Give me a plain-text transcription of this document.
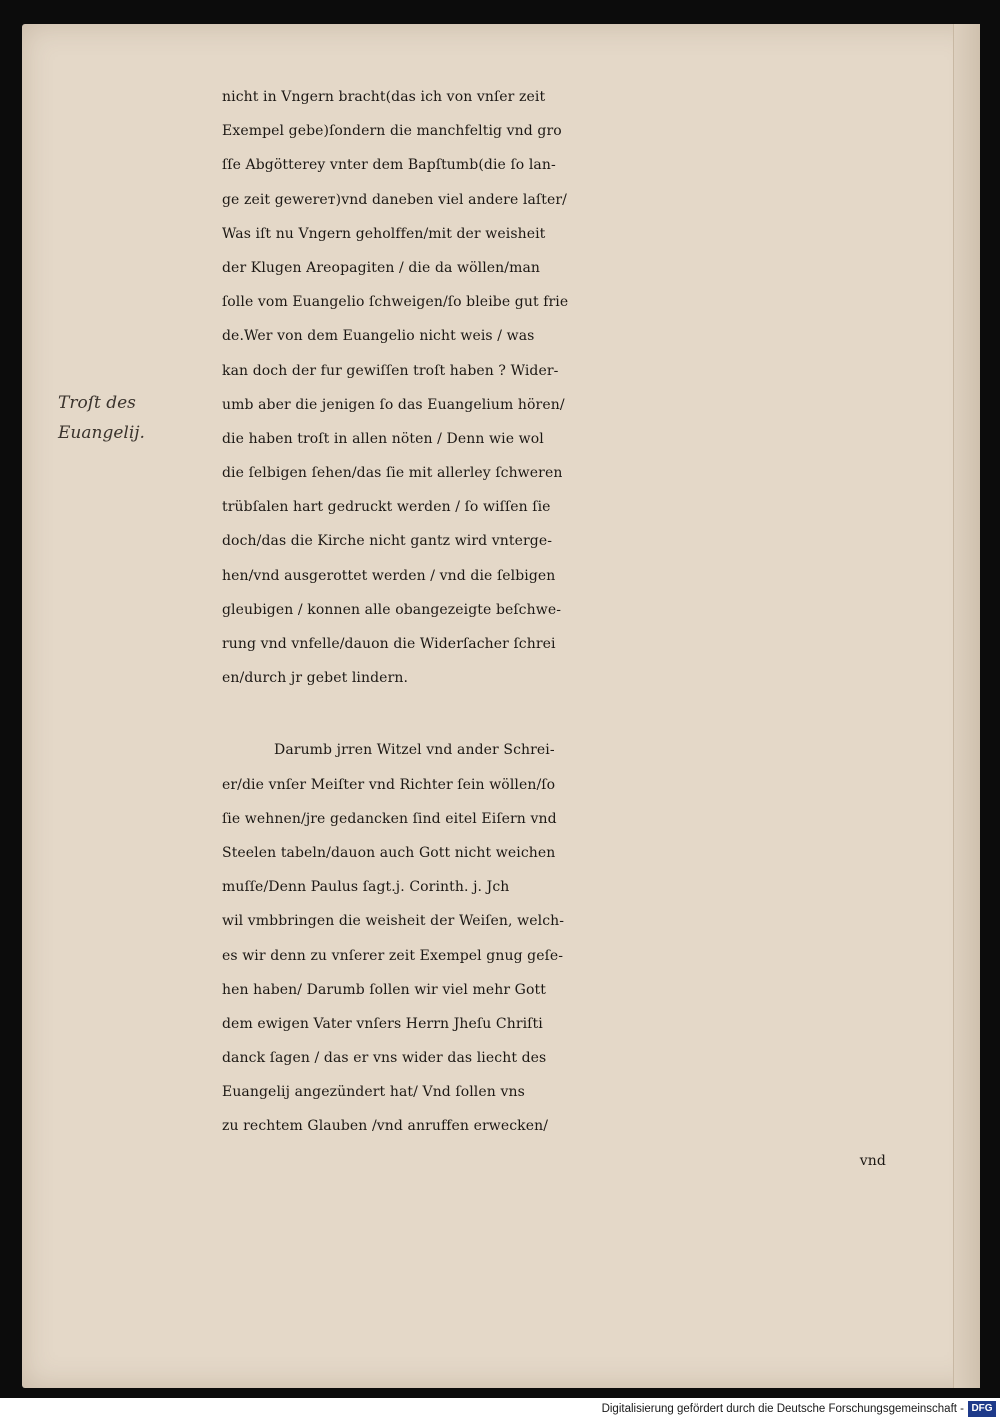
Troſt des
Euangelij.
nicht in Vngern bracht(das ich von vnſer zeit
Exempel gebe)ſondern die manchfeltig vnd gro
ſſe Abgötterey vnter dem Bapſtumb(die ſo lan-
ge zeit gewerет)vnd daneben viel andere laſter/
Was iſt nu Vngern geholffen/mit der weisheit
der Klugen Areopagiten / die da wöllen/man
ſolle vom Euangelio ſchweigen/ſo bleibe gut frie
de.Wer von dem Euangelio nicht weis / was
kan doch der fur gewiſſen troſt haben ? Wider-
umb aber die jenigen ſo das Euangelium hören/
die haben troſt in allen nöten / Denn wie wol
die ſelbigen ſehen/das ſie mit allerley ſchweren
trübſalen hart gedruckt werden / ſo wiſſen ſie
doch/das die Kirche nicht gantz wird vnterge-
hen/vnd ausgerottet werden / vnd die ſelbigen
gleubigen / konnen alle obangezeigte beſchwe-
rung vnd vnfelle/dauon die Widerſacher ſchrei
en/durch jr gebet lindern.
Darumb jrren Witzel vnd ander Schrei-
er/die vnſer Meiſter vnd Richter ſein wöllen/ſo
ſie wehnen/jre gedancken ſind eitel Eiſern vnd
Steelen tabeln/dauon auch Gott nicht weichen
muſſe/Denn Paulus ſagt.j. Corinth. j. Jch
wil vmbbringen die weisheit der Weiſen, welch-
es wir denn zu vnſerer zeit Exempel gnug geſe-
hen haben/ Darumb ſollen wir viel mehr Gott
dem ewigen Vater vnſers Herrn Jheſu Chriſti
danck ſagen / das er vns wider das liecht des
Euangelij angezündert hat/ Vnd ſollen vns
zu rechtem Glauben /vnd anruffen erwecken/
vnd
Digitalisierung gefördert durch die Deutsche Forschungsgemeinschaft - DFG
